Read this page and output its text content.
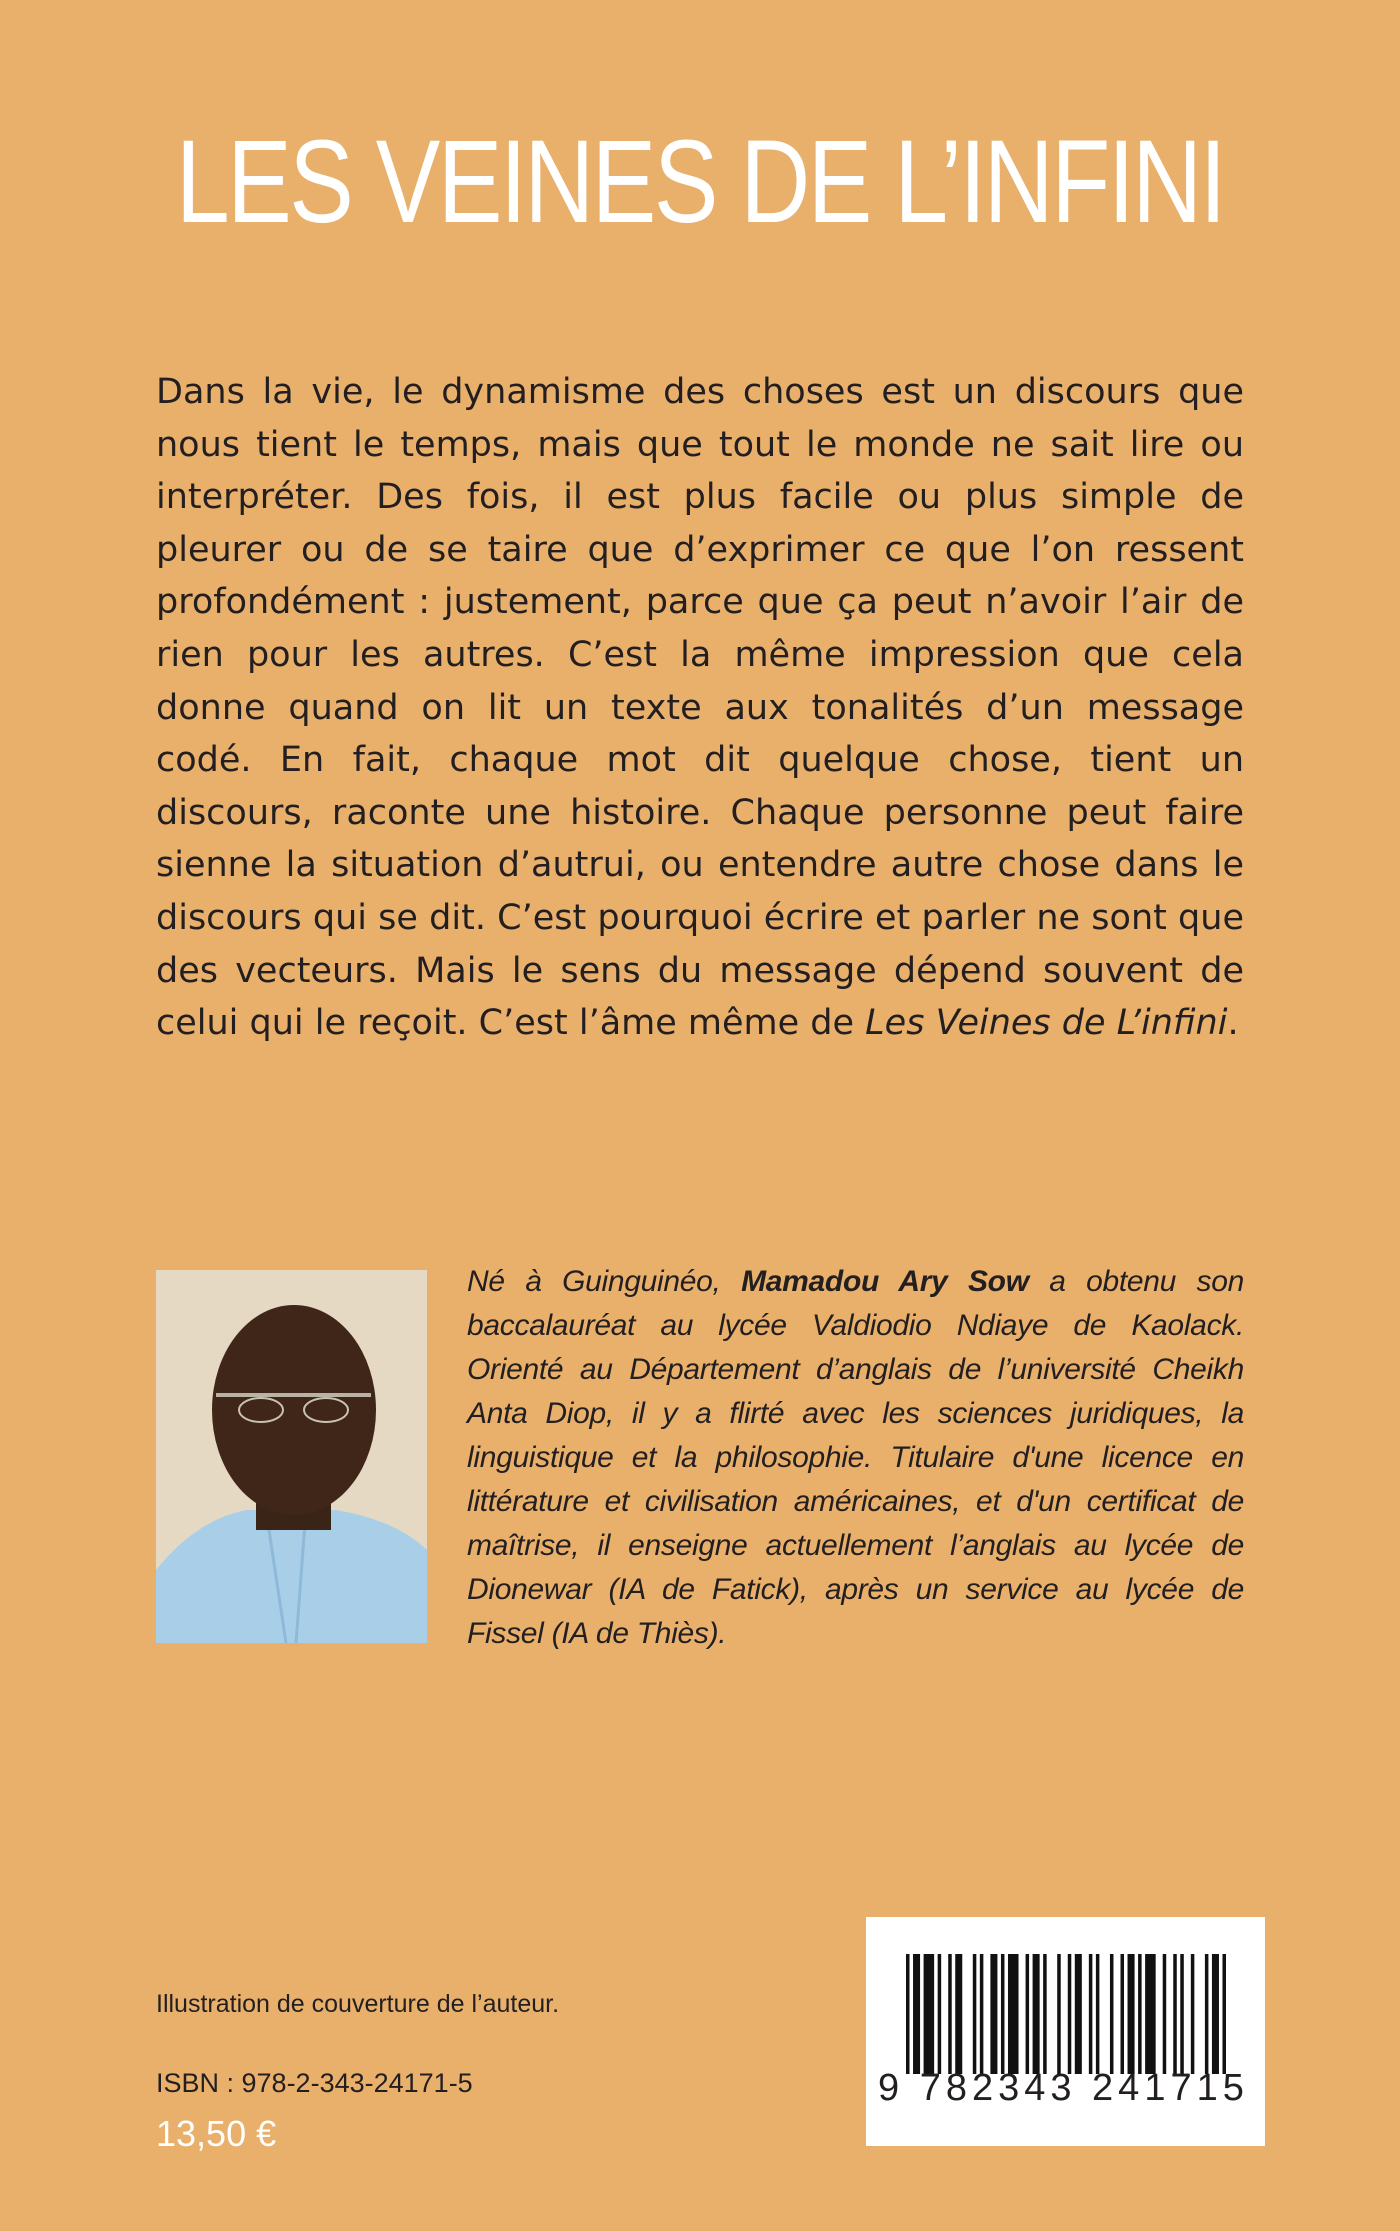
LES VEINES DE L’INFINI

Dans la vie, le dynamisme des choses est un discours que nous tient le temps, mais que tout le monde ne sait lire ou interpréter. Des fois, il est plus facile ou plus simple de pleurer ou de se taire que d’exprimer ce que l’on ressent profondément : justement, parce que ça peut n’avoir l’air de rien pour les autres. C’est la même impression que cela donne quand on lit un texte aux tonalités d’un message codé. En fait, chaque mot dit quelque chose, tient un discours, raconte une histoire. Chaque personne peut faire sienne la situation d’autrui, ou entendre autre chose dans le discours qui se dit. C’est pourquoi écrire et parler ne sont que des vecteurs. Mais le sens du message dépend souvent de celui qui le reçoit. C’est l’âme même de Les Veines de L’infini.

Né à Guinguinéo, Mamadou Ary Sow a obtenu son baccalauréat au lycée Valdiodio Ndiaye de Kaolack. Orienté au Département d’anglais de l’université Cheikh Anta Diop, il y a flirté avec les sciences juridiques, la linguistique et la philosophie. Titulaire d'une licence en littérature et civilisation américaines, et d'un certificat de maîtrise, il enseigne actuellement l’anglais au lycée de Dionewar (IA de Fatick), après un service au lycée de Fissel (IA de Thiès).

Illustration de couverture de l’auteur.
ISBN : 978-2-343-24171-5
13,50 €
9 782343 241715
